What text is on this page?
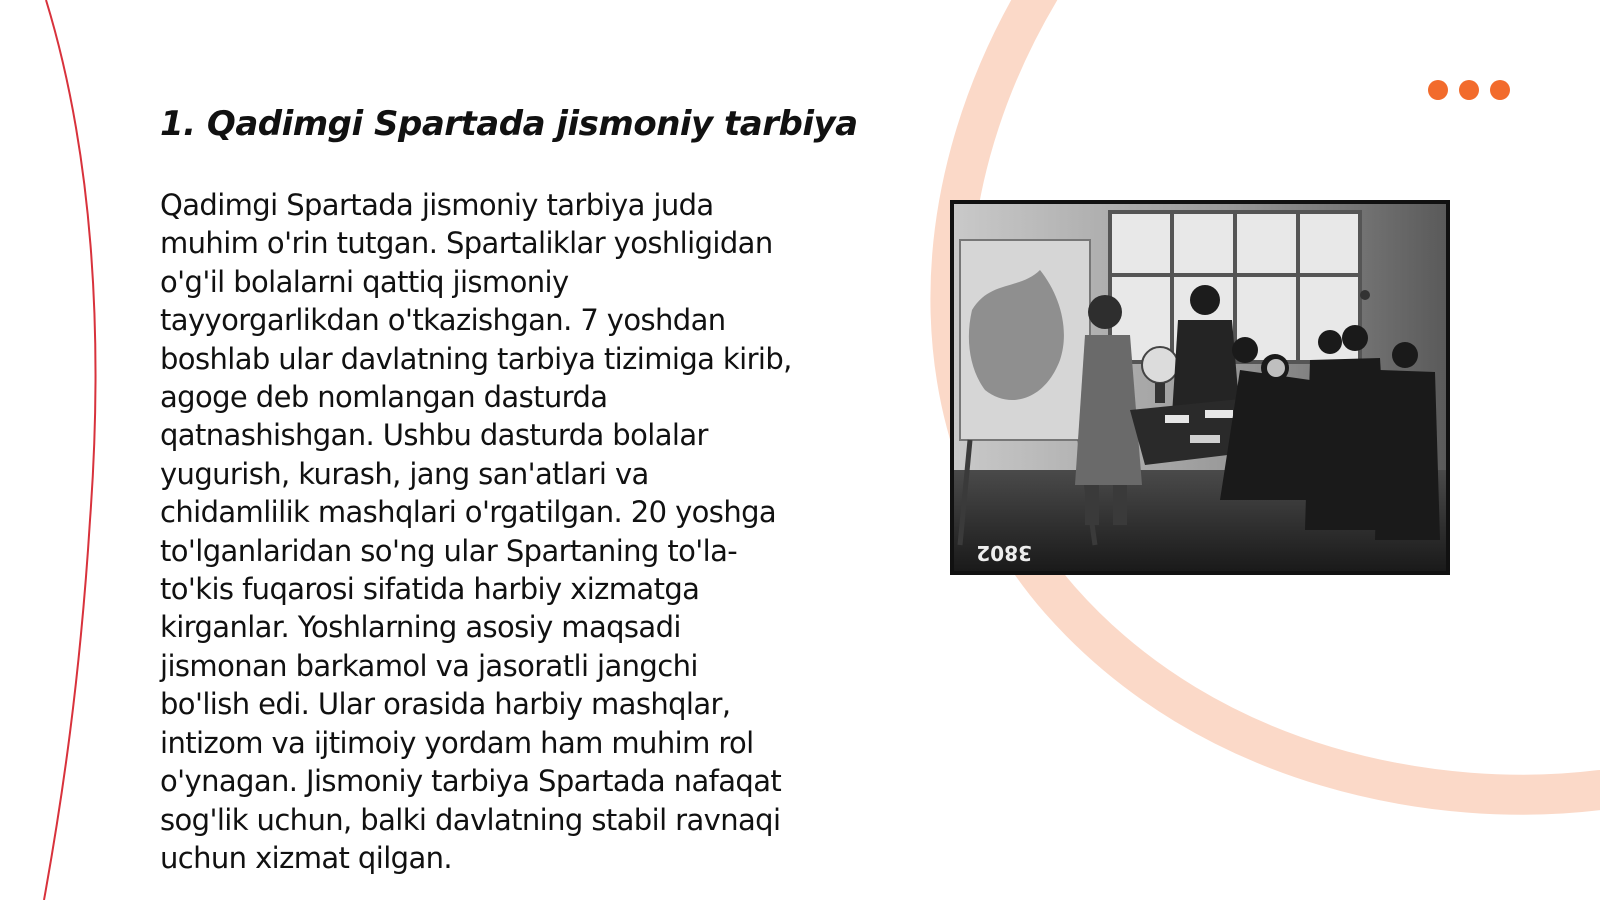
1. Qadimgi Spartada jismoniy tarbiya

Qadimgi Spartada jismoniy tarbiya juda
muhim o'rin tutgan. Spartaliklar yoshligidan
o'g'il bolalarni qattiq jismoniy
tayyorgarlikdan o'tkazishgan. 7 yoshdan
boshlab ular davlatning tarbiya tizimiga kirib,
agoge deb nomlangan dasturda
qatnashishgan. Ushbu dasturda bolalar
yugurish, kurash, jang san'atlari va
chidamlilik mashqlari o'rgatilgan. 20 yoshga
to'lganlaridan so'ng ular Spartaning to'la-
to'kis fuqarosi sifatida harbiy xizmatga
kirganlar. Yoshlarning asosiy maqsadi
jismonan barkamol va jasoratli jangchi
bo'lish edi. Ular orasida harbiy mashqlar,
intizom va ijtimoiy yordam ham muhim rol
o'ynagan. Jismoniy tarbiya Spartada nafaqat
sog'lik uchun, balki davlatning stabil ravnaqi
uchun xizmat qilgan.

3802
